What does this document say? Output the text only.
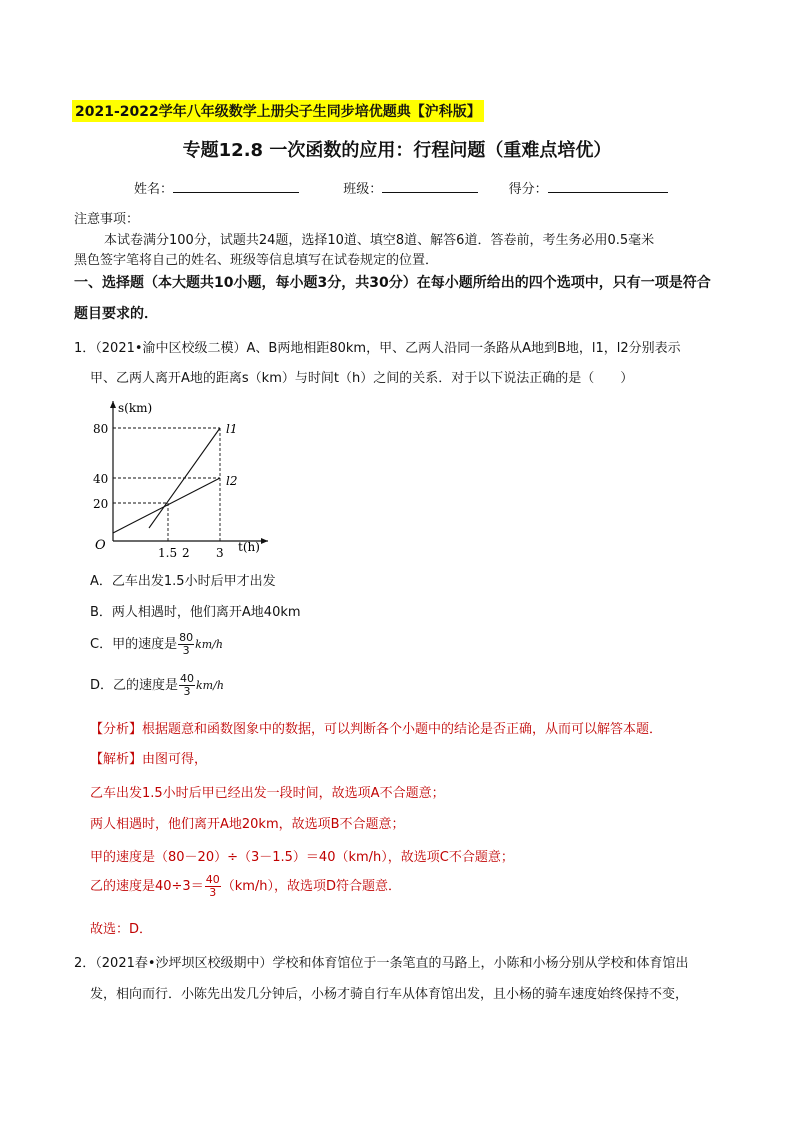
2021-2022学年八年级数学上册尖子生同步培优题典【沪科版】
专题12.8 一次函数的应用：行程问题（重难点培优）
姓名：	班级：	得分：
注意事项：
本试卷满分100分，试题共24题，选择10道、填空8道、解答6道．答卷前，考生务必用0.5毫米
黑色签字笔将自己的姓名、班级等信息填写在试卷规定的位置．
一、选择题（本大题共10小题，每小题3分，共30分）在每小题所给出的四个选项中，只有一项是符合
题目要求的．
1．（2021•渝中区校级二模）A、B两地相距80km，甲、乙两人沿同一条路从A地到B地，l1，l2分别表示
甲、乙两人离开A地的距离s（km）与时间t（h）之间的关系．对于以下说法正确的是（　　）
s(km)
t(h)
O
80
40
20
1.5 2 3
l1
l2
A．乙车出发1.5小时后甲才出发
B．两人相遇时，他们离开A地40km
C．甲的速度是 $\frac{80}{3} km/h$
D．乙的速度是 $\frac{40}{3} km/h$
【分析】根据题意和函数图象中的数据，可以判断各个小题中的结论是否正确，从而可以解答本题．
【解析】由图可得，
乙车出发1.5小时后甲已经出发一段时间，故选项A不合题意；
两人相遇时，他们离开A地20km，故选项B不合题意；
甲的速度是（80－20）÷（3－1.5）＝40（km/h），故选项C不合题意；
乙的速度是$40\div 3= \frac{40}{3} (km/h)$，故选项D符合题意．
故选：D．
2．（2021春•沙坪坝区校级期中）学校和体育馆位于一条笔直的马路上，小陈和小杨分别从学校和体育馆出
发，相向而行．小陈先出发几分钟后，小杨才骑自行车从体育馆出发，且小杨的骑车速度始终保持不变，
